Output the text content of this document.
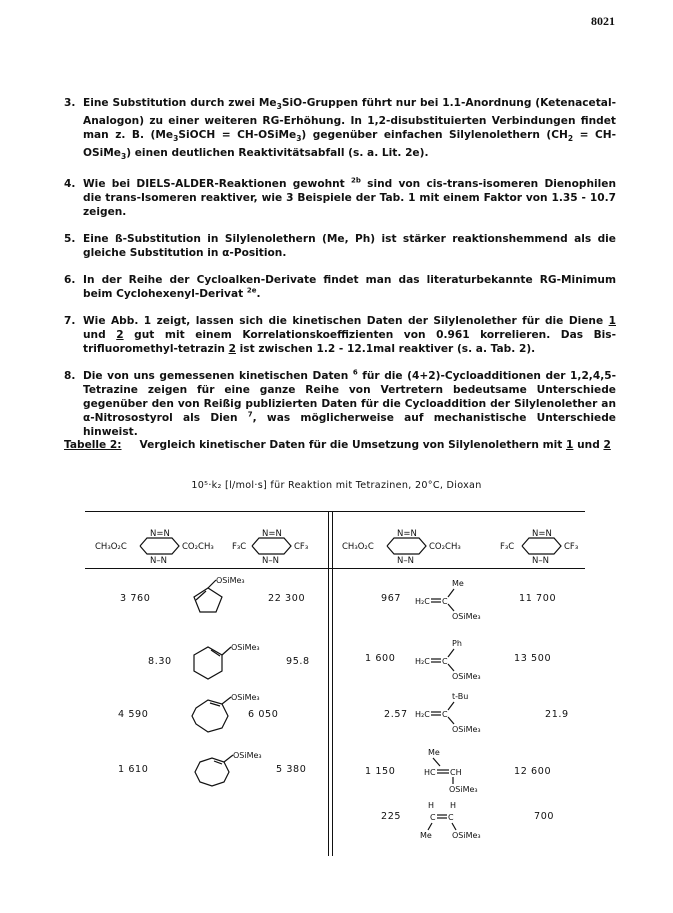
8021
3. Eine Substitution durch zwei $Me_3SiO$-Gruppen führt nur bei 1.1-Anordnung (Ketenacetal-Analogon) zu einer weiteren RG-Erhöhung. In 1,2-disubstituierten Verbindungen findet man z. B. ($Me_3SiOCH$ = CH-OSiMe$_3$) gegenüber einfachen Silylenolethern ($CH_2$ = CH-OSiMe$_3$) einen deutlichen Reaktivitätsabfall (s. a. Lit. 2e).
4. Wie bei DIELS-ALDER-Reaktionen gewohnt $^{2b}$ sind von cis-trans-isomeren Dienophilen die trans-Isomeren reaktiver, wie 3 Beispiele der Tab. 1 mit einem Faktor von 1.35 - 10.7 zeigen.
5. Eine ß-Substitution in Silylenolethern (Me, Ph) ist stärker reaktionshemmend als die gleiche Substitution in α-Position.
6. In der Reihe der Cycloalken-Derivate findet man das literaturbekannte RG-Minimum beim Cyclohexenyl-Derivat $^{2e}$.
7. Wie Abb. 1 zeigt, lassen sich die kinetischen Daten der Silylenolether für die Diene 1 und 2 gut mit einem Korrelationskoeffizienten von 0.961 korrelieren. Das Bis-trifluoromethyl-tetrazin 2 ist zwischen 1.2 - 12.1mal reaktiver (s. a. Tab. 2).
8. Die von uns gemessenen kinetischen Daten $^6$ für die (4+2)-Cycloadditionen der 1,2,4,5-Tetrazine zeigen für eine ganze Reihe von Vertretern bedeutsame Unterschiede gegenüber den von Reißig publizierten Daten für die Cycloaddition der Silylenolether an α-Nitrosostyrol als Dien $^7$, was möglicherweise auf mechanistische Unterschiede hinweist.
Tabelle 2: Vergleich kinetischer Daten für die Umsetzung von Silylenolethern mit 1 und 2
10⁵·k₂ [l/mol·s] für Reaktion mit Tetrazinen, 20°C, Dioxan
N=N
CH₃O₂C	CO₂CH₃
N–N
N=N
F₃C	CF₃
N–N
N=N
CH₃O₂C	CO₂CH₃
N–N
N=N
F₃C	CF₃
N–N
OSiMe₃
OSiMe₃
OSiMe₃
OSiMe₃
Me
H₂C C
OSiMe₃
Ph
H₂C C
OSiMe₃
t-Bu
H₂C C
OSiMe₃
Me
HC CH
OSiMe₃
H H
C C
Me	OSiMe₃
3 760	22 300
8.30	95.8
4 590	6 050
1 610	5 380
967	11 700
1 600	13 500
2.57	21.9
1 150	12 600
225	700
